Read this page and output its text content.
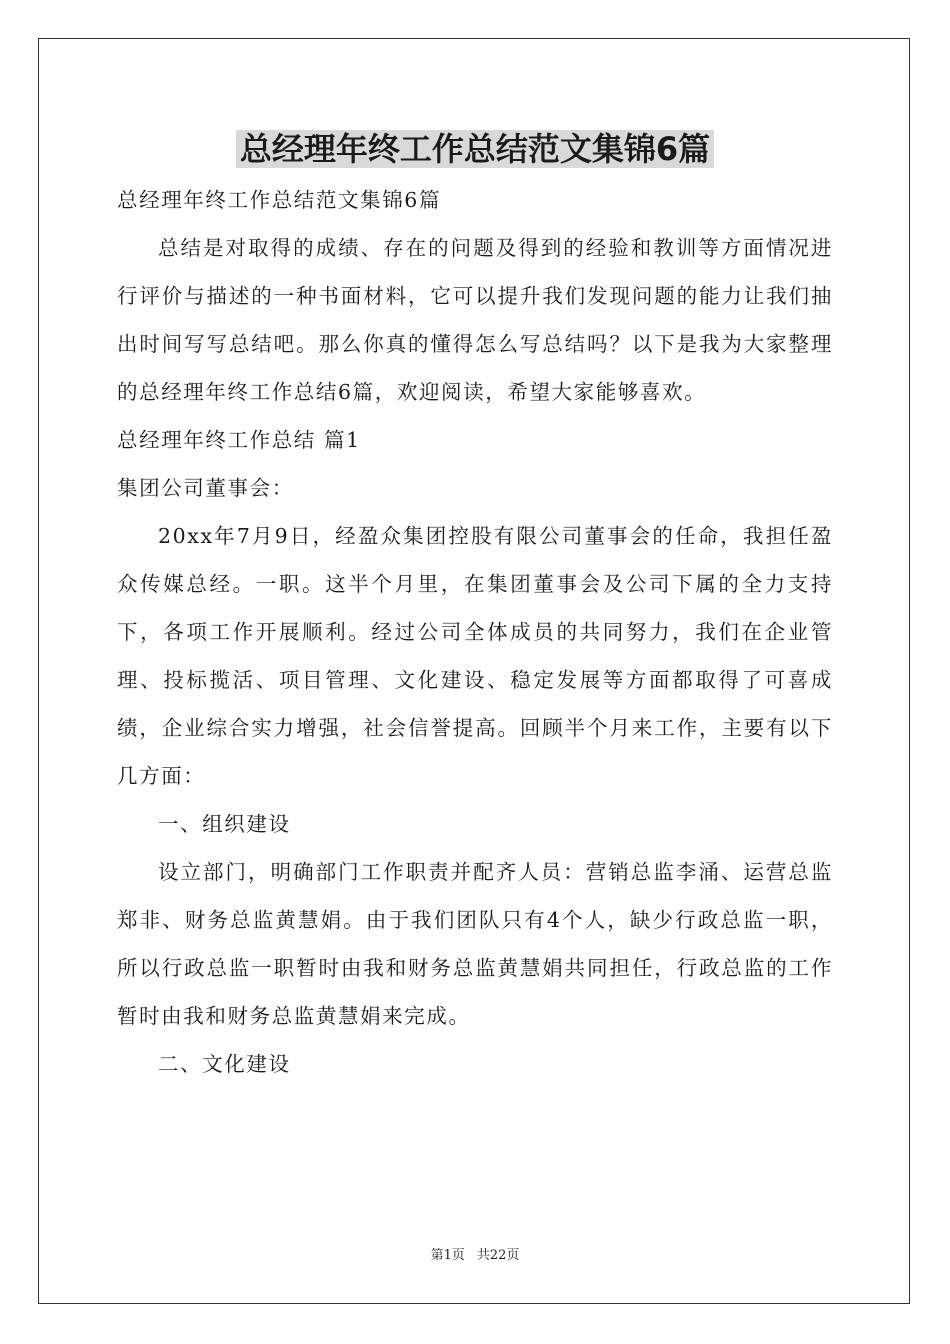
总经理年终工作总结范文集锦6篇

总经理年终工作总结范文集锦6篇

总结是对取得的成绩、存在的问题及得到的经验和教训等方面情况进行评价与描述的一种书面材料，它可以提升我们发现问题的能力让我们抽出时间写写总结吧。那么你真的懂得怎么写总结吗？以下是我为大家整理的总经理年终工作总结6篇，欢迎阅读，希望大家能够喜欢。

总经理年终工作总结 篇1

集团公司董事会：

20xx年7月9日，经盈众集团控股有限公司董事会的任命，我担任盈众传媒总经。一职。这半个月里，在集团董事会及公司下属的全力支持下，各项工作开展顺利。经过公司全体成员的共同努力，我们在企业管理、投标揽活、项目管理、文化建设、稳定发展等方面都取得了可喜成绩，企业综合实力增强，社会信誉提高。回顾半个月来工作，主要有以下几方面：

一、组织建设

设立部门，明确部门工作职责并配齐人员：营销总监李涌、运营总监郑非、财务总监黄慧娟。由于我们团队只有4个人，缺少行政总监一职，所以行政总监一职暂时由我和财务总监黄慧娟共同担任，行政总监的工作暂时由我和财务总监黄慧娟来完成。

二、文化建设

第1页 共22页
